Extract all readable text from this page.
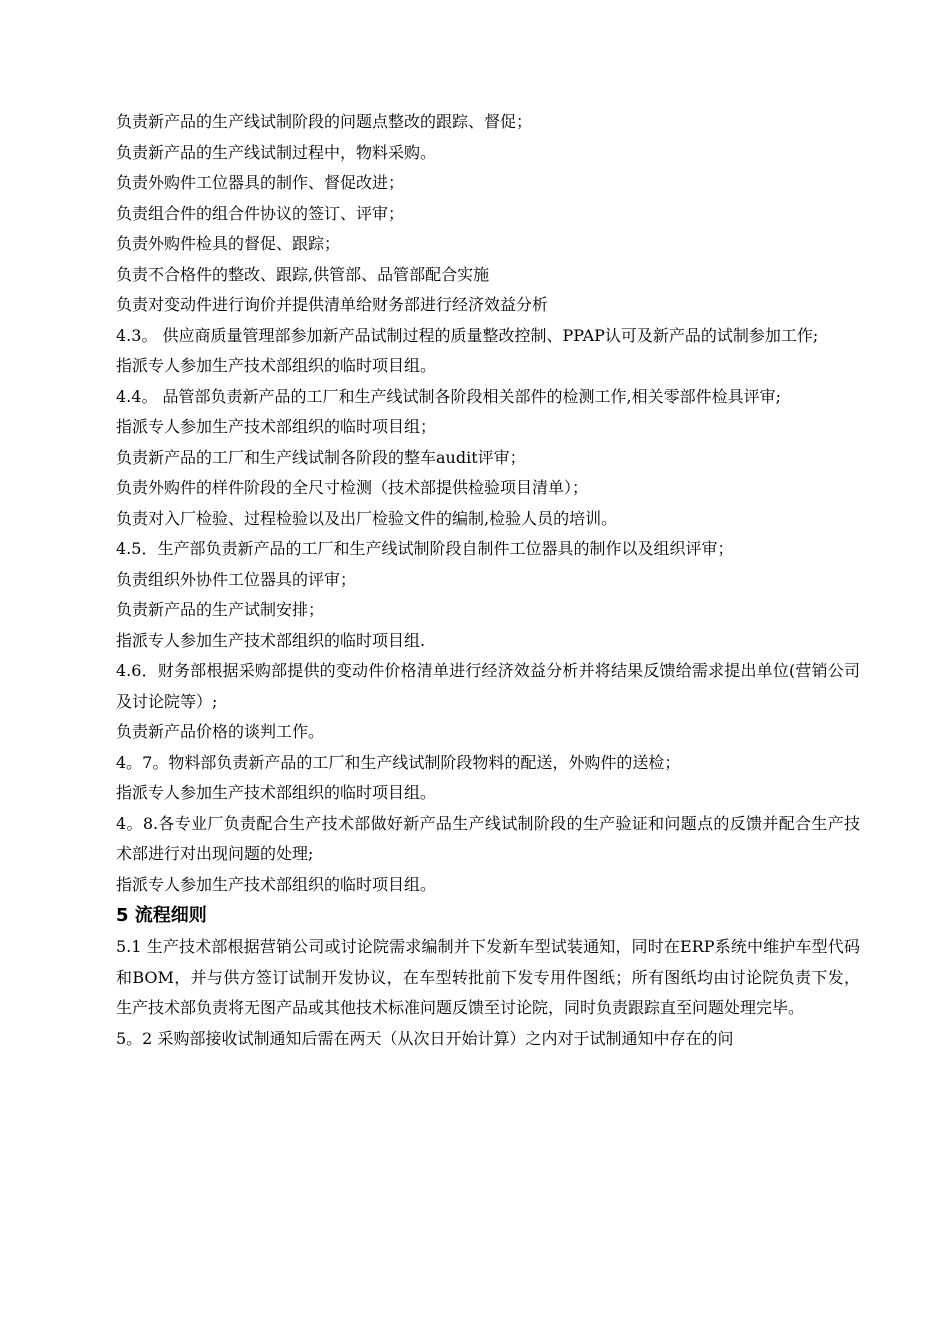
负责新产品的生产线试制阶段的问题点整改的跟踪、督促；
负责新产品的生产线试制过程中，物料采购。
负责外购件工位器具的制作、督促改进；
负责组合件的组合件协议的签订、评审；
负责外购件检具的督促、跟踪；
负责不合格件的整改、跟踪,供管部、品管部配合实施
负责对变动件进行询价并提供清单给财务部进行经济效益分析
4.3。 供应商质量管理部参加新产品试制过程的质量整改控制、PPAP认可及新产品的试制参加工作;
指派专人参加生产技术部组织的临时项目组。
4.4。 品管部负责新产品的工厂和生产线试制各阶段相关部件的检测工作,相关零部件检具评审;
指派专人参加生产技术部组织的临时项目组；
负责新产品的工厂和生产线试制各阶段的整车audit评审；
负责外购件的样件阶段的全尺寸检测（技术部提供检验项目清单）；
负责对入厂检验、过程检验以及出厂检验文件的编制,检验人员的培训。
4.5．生产部负责新产品的工厂和生产线试制阶段自制件工位器具的制作以及组织评审；
负责组织外协件工位器具的评审；
负责新产品的生产试制安排；
指派专人参加生产技术部组织的临时项目组.
4.6．财务部根据采购部提供的变动件价格清单进行经济效益分析并将结果反馈给需求提出单位(营销公司及讨论院等）;
负责新产品价格的谈判工作。
4。7。物料部负责新产品的工厂和生产线试制阶段物料的配送，外购件的送检；
指派专人参加生产技术部组织的临时项目组。
4。8.各专业厂负责配合生产技术部做好新产品生产线试制阶段的生产验证和问题点的反馈并配合生产技术部进行对出现问题的处理;
指派专人参加生产技术部组织的临时项目组。
5 流程细则
5.1 生产技术部根据营销公司或讨论院需求编制并下发新车型试装通知，同时在ERP系统中维护车型代码和BOM，并与供方签订试制开发协议，在车型转批前下发专用件图纸；所有图纸均由讨论院负责下发，生产技术部负责将无图产品或其他技术标准问题反馈至讨论院，同时负责跟踪直至问题处理完毕。
5。2 采购部接收试制通知后需在两天（从次日开始计算）之内对于试制通知中存在的问
